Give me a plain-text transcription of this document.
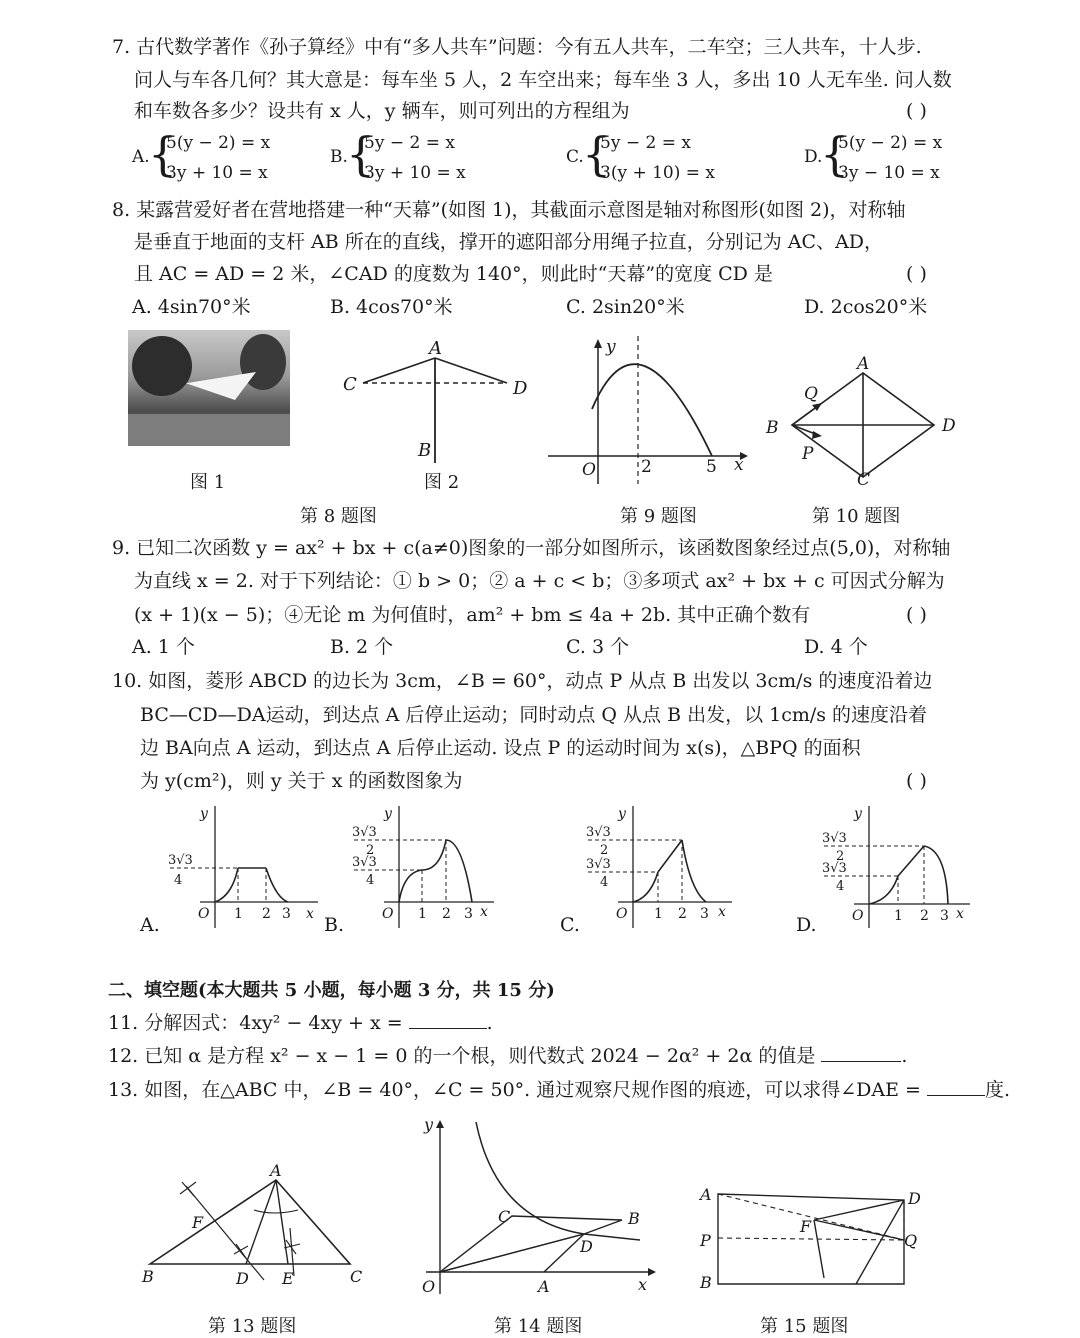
7. 古代数学著作《孙子算经》中有“多人共车”问题：今有五人共车，二车空；三人共车，十人步.
问人与车各几何？其大意是：每车坐 5 人，2 车空出来；每车坐 3 人，多出 10 人无车坐. 问人数
和车数各多少？设共有 x 人，y 辆车，则可列出的方程组为	( )
A.
{
5(y − 2) = x
3y + 10 = x
B.
{
5y − 2 = x
3y + 10 = x
C.
{
5y − 2 = x
3(y + 10) = x
D.
{
5(y − 2) = x
3y − 10 = x
8. 某露营爱好者在营地搭建一种“天幕”(如图 1)，其截面示意图是轴对称图形(如图 2)，对称轴
是垂直于地面的支杆 AB 所在的直线，撑开的遮阳部分用绳子拉直，分别记为 AC、AD，
且 AC = AD = 2 米，∠CAD 的度数为 140°，则此时“天幕”的宽度 CD 是	( )
A. 4sin70°米	B. 4cos70°米	C. 2sin20°米	D. 2cos20°米
图 1
A
C	D
B
图 2
第 8 题图
y
x
O	2	5
第 9 题图
A
B
C
D
P
Q
第 10 题图
9. 已知二次函数 y = ax² + bx + c(a≠0)图象的一部分如图所示，该函数图象经过点(5,0)，对称轴
为直线 x = 2. 对于下列结论：① b > 0；② a + c < b；③多项式 ax² + bx + c 可因式分解为
(x + 1)(x − 5)；④无论 m 为何值时，am² + bm ≤ 4a + 2b. 其中正确个数有	( )
A. 1 个	B. 2 个	C. 3 个	D. 4 个
10. 如图，菱形 ABCD 的边长为 3cm，∠B = 60°，动点 P 从点 B 出发以 3cm/s 的速度沿着边
BC—CD—DA运动，到达点 A 后停止运动；同时动点 Q 从点 B 出发，以 1cm/s 的速度沿着
边 BA向点 A 运动，到达点 A 后停止运动. 设点 P 的运动时间为 x(s)，△BPQ 的面积
为 y(cm²)，则 y 关于 x 的函数图象为	( )
A.
y
x
O 1 2 3
3√3
4
B.
y
x
O 1 2 3
3√3
2
3√3
4
C.
y
x
O 1 2 3
3√3
2
3√3
4
D.
y
x
O 1 2 3
3√3
2
3√3
4
二、填空题(本大题共 5 小题，每小题 3 分，共 15 分)
11. 分解因式：4xy² − 4xy + x =	.
12. 已知 α 是方程 x² − x − 1 = 0 的一个根，则代数式 2024 − 2α² + 2α 的值是	.
13. 如图，在△ABC 中，∠B = 40°，∠C = 50°. 通过观察尺规作图的痕迹，可以求得∠DAE =	度.
A
B	C
D E
F
第 13 题图
y
x
O	A
B
C
D
第 14 题图
A
B
D
F
P	Q
第 15 题图
